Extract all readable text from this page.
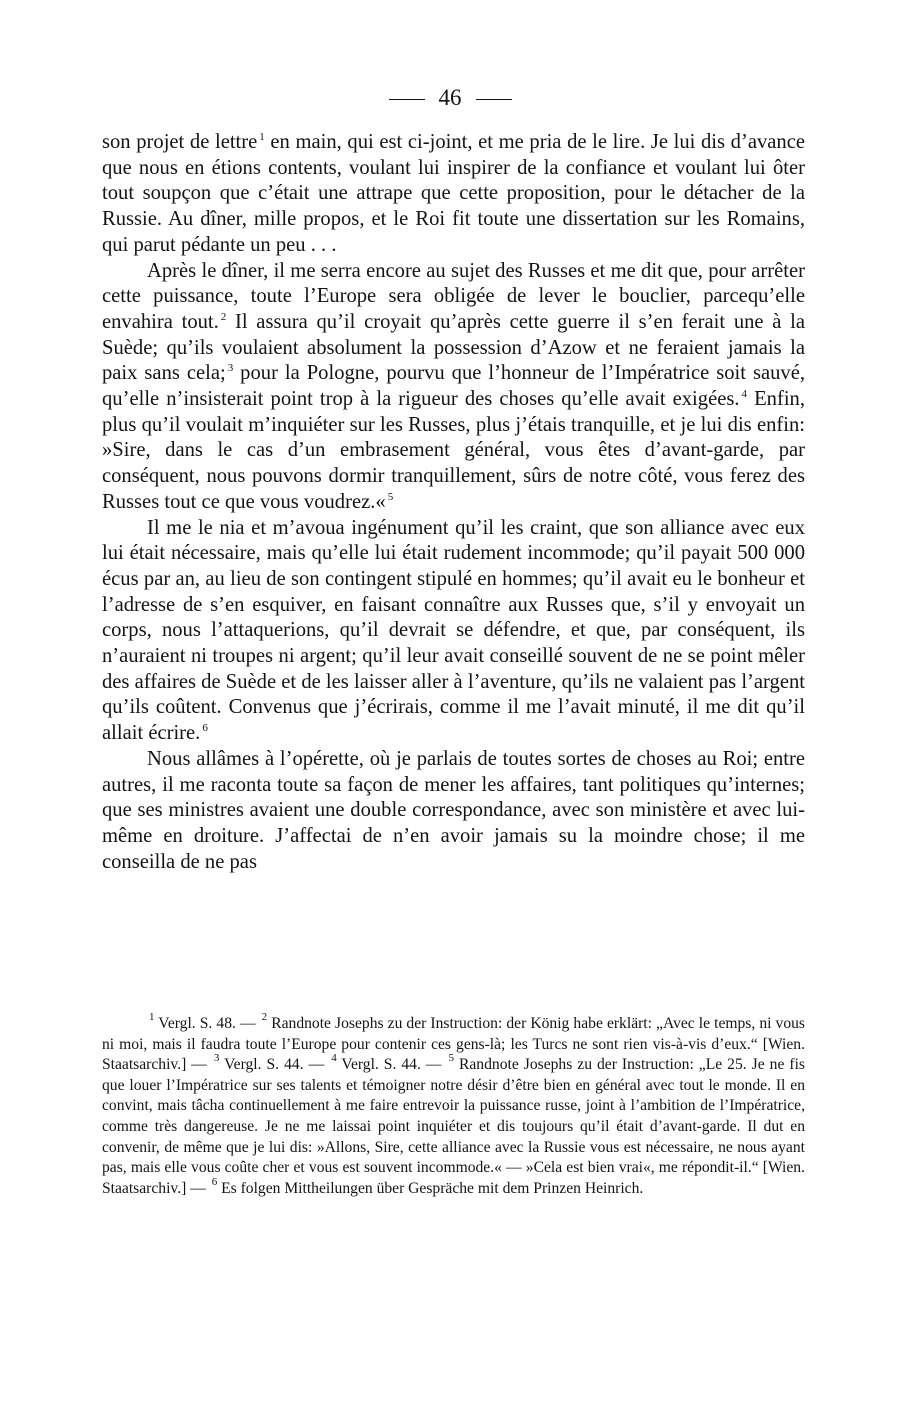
46

son projet de lettre $^1$ en main, qui est ci-joint, et me pria de le lire. Je lui dis d’avance que nous en étions contents, voulant lui inspirer de la confiance et voulant lui ôter tout soupçon que c’était une attrape que cette proposition, pour le détacher de la Russie. Au dîner, mille propos, et le Roi fit toute une dissertation sur les Romains, qui parut pédante un peu . . .

Après le dîner, il me serra encore au sujet des Russes et me dit que, pour arrêter cette puissance, toute l’Europe sera obligée de lever le bouclier, parcequ’elle envahira tout. $^2$ Il assura qu’il croyait qu’après cette guerre il s’en ferait une à la Suède; qu’ils voulaient absolument la possession d’Azow et ne feraient jamais la paix sans cela; $^3$ pour la Pologne, pourvu que l’honneur de l’Impératrice soit sauvé, qu’elle n’insisterait point trop à la rigueur des choses qu’elle avait exigées. $^4$ Enfin, plus qu’il voulait m’inquiéter sur les Russes, plus j’étais tranquille, et je lui dis enfin: »Sire, dans le cas d’un embrasement général, vous êtes d’avant-garde, par conséquent, nous pouvons dormir tranquillement, sûrs de notre côté, vous ferez des Russes tout ce que vous voudrez.« $^5$

Il me le nia et m’avoua ingénument qu’il les craint, que son alliance avec eux lui était nécessaire, mais qu’elle lui était rudement incommode; qu’il payait 500 000 écus par an, au lieu de son contingent stipulé en hommes; qu’il avait eu le bonheur et l’adresse de s’en esquiver, en faisant connaître aux Russes que, s’il y envoyait un corps, nous l’attaquerions, qu’il devrait se défendre, et que, par conséquent, ils n’auraient ni troupes ni argent; qu’il leur avait conseillé souvent de ne se point mêler des affaires de Suède et de les laisser aller à l’aventure, qu’ils ne valaient pas l’argent qu’ils coûtent. Convenus que j’écrirais, comme il me l’avait minuté, il me dit qu’il allait écrire. $^6$

Nous allâmes à l’opérette, où je parlais de toutes sortes de choses au Roi; entre autres, il me raconta toute sa façon de mener les affaires, tant politiques qu’internes; que ses ministres avaient une double correspondance, avec son ministère et avec lui-même en droiture. J’affectai de n’en avoir jamais su la moindre chose; il me conseilla de ne pas

$^1$ Vergl. S. 48. — $^2$ Randnote Josephs zu der Instruction: der König habe erklärt: „Avec le temps, ni vous ni moi, mais il faudra toute l’Europe pour contenir ces gens-là; les Turcs ne sont rien vis-à-vis d’eux.“ [Wien. Staatsarchiv.] — $^3$ Vergl. S. 44. — $^4$ Vergl. S. 44. — $^5$ Randnote Josephs zu der Instruction: „Le 25. Je ne fis que louer l’Impératrice sur ses talents et témoigner notre désir d’être bien en général avec tout le monde. Il en convint, mais tâcha continuellement à me faire entrevoir la puissance russe, joint à l’ambition de l’Impératrice, comme très dangereuse. Je ne me laissai point inquiéter et dis toujours qu’il était d’avant-garde. Il dut en convenir, de même que je lui dis: »Allons, Sire, cette alliance avec la Russie vous est nécessaire, ne nous ayant pas, mais elle vous coûte cher et vous est souvent incommode.« — »Cela est bien vrai«, me répondit-il.“ [Wien. Staatsarchiv.] — $^6$ Es folgen Mittheilungen über Gespräche mit dem Prinzen Heinrich.
